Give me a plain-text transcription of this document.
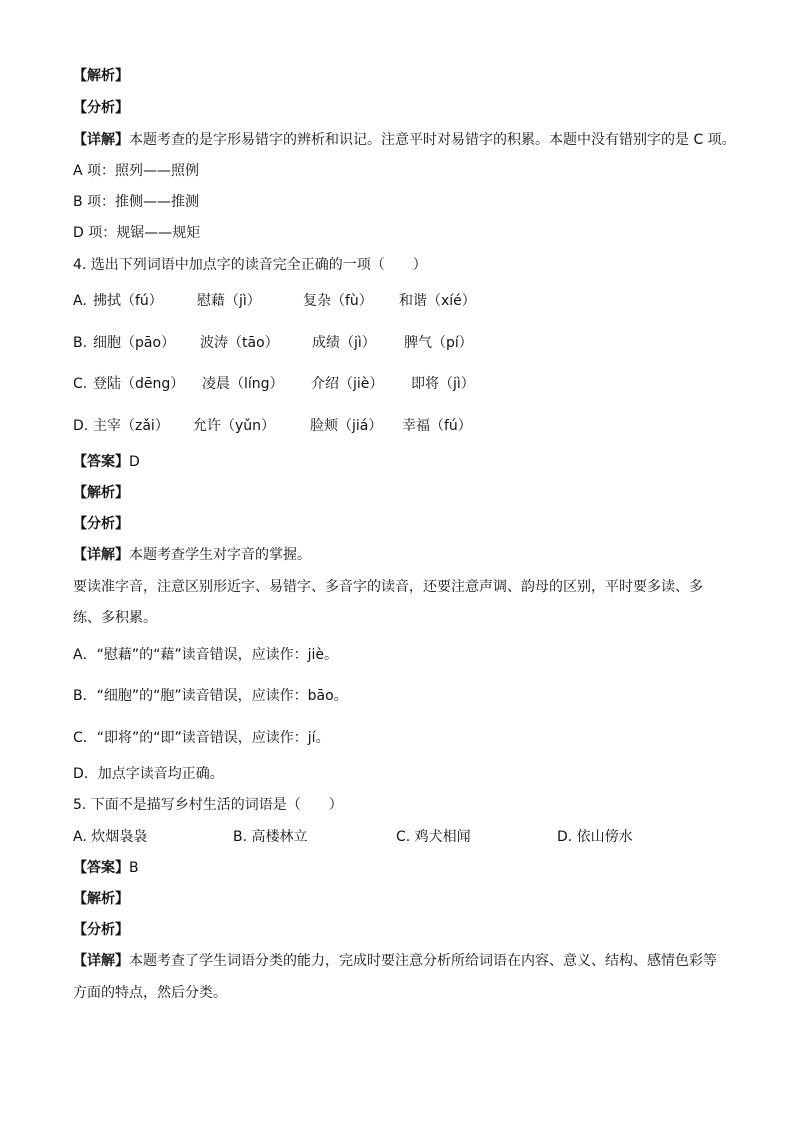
【解析】
【分析】
【详解】本题考查的是字形易错字的辨析和识记。注意平时对易错字的积累。本题中没有错别字的是 C 项。
A 项：照列——照例
B 项：推侧——推测
D 项：规锯——规矩
4. 选出下列词语中加点字的读音完全正确的一项（　　）
A. 拂拭（fú） 慰藉（jì）	复杂（fù） 和谐（xíé）
B. 细胞（pāo） 波涛（tāo） 成绩（jì） 脾气（pí）
C. 登陆（dēng） 凌晨（líng） 介绍（jiè） 即将（jì）
D. 主宰（zǎi） 允许（yǔn） 脸颊（jiá） 幸福（fú）
【答案】D
【解析】
【分析】
【详解】本题考查学生对字音的掌握。
要读准字音，注意区别形近字、易错字、多音字的读音，还要注意声调、韵母的区别，平时要多读、多
练、多积累。
A．“慰藉”的“藉”读音错误，应读作：jiè。
B．“细胞”的“胞”读音错误，应读作：bāo。
C．“即将”的“即”读音错误，应读作：jí。
D．加点字读音均正确。
5. 下面不是描写乡村生活的词语是（　　）
A. 炊烟袅袅	B. 高楼林立	C. 鸡犬相闻	D. 依山傍水
【答案】B
【解析】
【分析】
【详解】本题考查了学生词语分类的能力，完成时要注意分析所给词语在内容、意义、结构、感情色彩等
方面的特点，然后分类。
